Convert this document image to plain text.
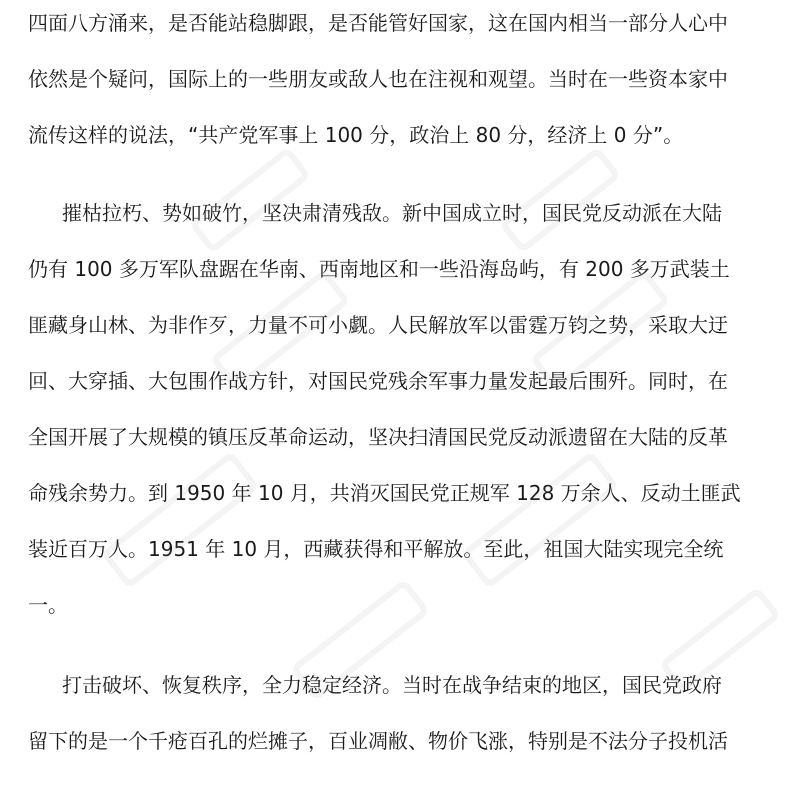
四面八方涌来，是否能站稳脚跟，是否能管好国家，这在国内相当一部分人心中
依然是个疑问，国际上的一些朋友或敌人也在注视和观望。当时在一些资本家中
流传这样的说法，“共产党军事上 100 分，政治上 80 分，经济上 0 分”。
摧枯拉朽、势如破竹，坚决肃清残敌。新中国成立时，国民党反动派在大陆
仍有 100 多万军队盘踞在华南、西南地区和一些沿海岛屿，有 200 多万武装土
匪藏身山林、为非作歹，力量不可小觑。人民解放军以雷霆万钧之势，采取大迂
回、大穿插、大包围作战方针，对国民党残余军事力量发起最后围歼。同时，在
全国开展了大规模的镇压反革命运动，坚决扫清国民党反动派遗留在大陆的反革
命残余势力。到 1950 年 10 月，共消灭国民党正规军 128 万余人、反动土匪武
装近百万人。1951 年 10 月，西藏获得和平解放。至此，祖国大陆实现完全统
一。
打击破坏、恢复秩序，全力稳定经济。当时在战争结束的地区，国民党政府
留下的是一个千疮百孔的烂摊子，百业凋敝、物价飞涨，特别是不法分子投机活
